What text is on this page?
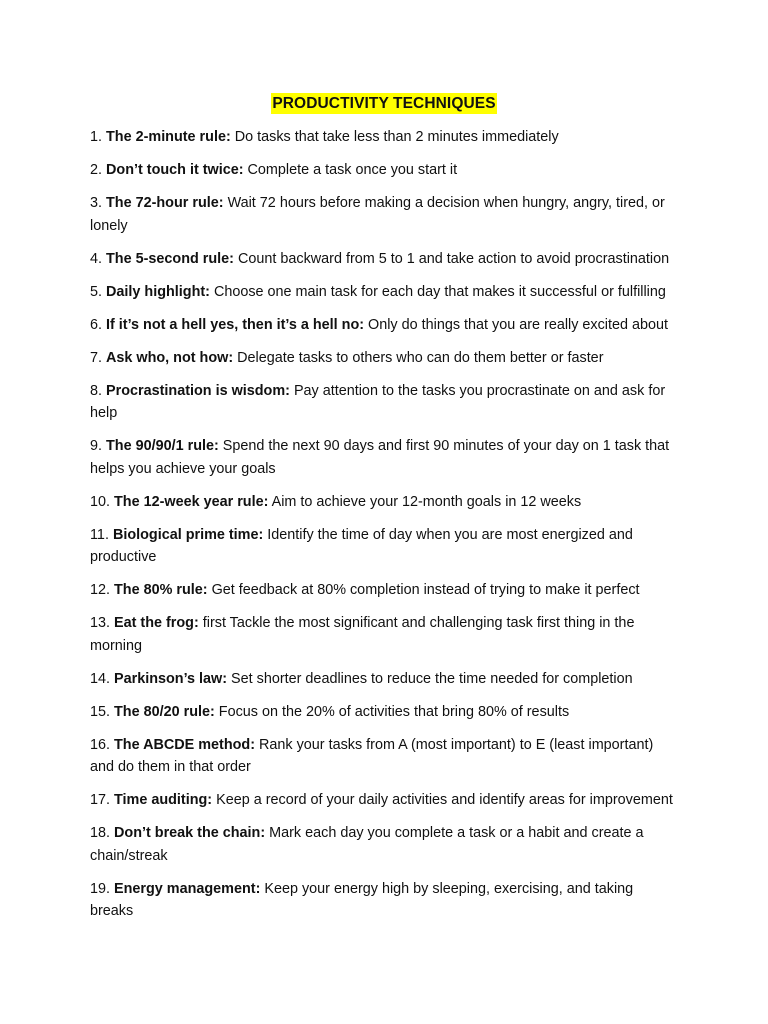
PRODUCTIVITY TECHNIQUES
1. The 2-minute rule: Do tasks that take less than 2 minutes immediately
2. Don’t touch it twice: Complete a task once you start it
3. The 72-hour rule: Wait 72 hours before making a decision when hungry, angry, tired, or lonely
4. The 5-second rule: Count backward from 5 to 1 and take action to avoid procrastination
5. Daily highlight: Choose one main task for each day that makes it successful or fulfilling
6. If it’s not a hell yes, then it’s a hell no: Only do things that you are really excited about
7. Ask who, not how: Delegate tasks to others who can do them better or faster
8. Procrastination is wisdom: Pay attention to the tasks you procrastinate on and ask for help
9. The 90/90/1 rule: Spend the next 90 days and first 90 minutes of your day on 1 task that helps you achieve your goals
10. The 12-week year rule: Aim to achieve your 12-month goals in 12 weeks
11. Biological prime time: Identify the time of day when you are most energized and productive
12. The 80% rule: Get feedback at 80% completion instead of trying to make it perfect
13. Eat the frog: first Tackle the most significant and challenging task first thing in the morning
14. Parkinson’s law: Set shorter deadlines to reduce the time needed for completion
15. The 80/20 rule: Focus on the 20% of activities that bring 80% of results
16. The ABCDE method: Rank your tasks from A (most important) to E (least important) and do them in that order
17. Time auditing: Keep a record of your daily activities and identify areas for improvement
18. Don’t break the chain: Mark each day you complete a task or a habit and create a chain/streak
19. Energy management: Keep your energy high by sleeping, exercising, and taking breaks
